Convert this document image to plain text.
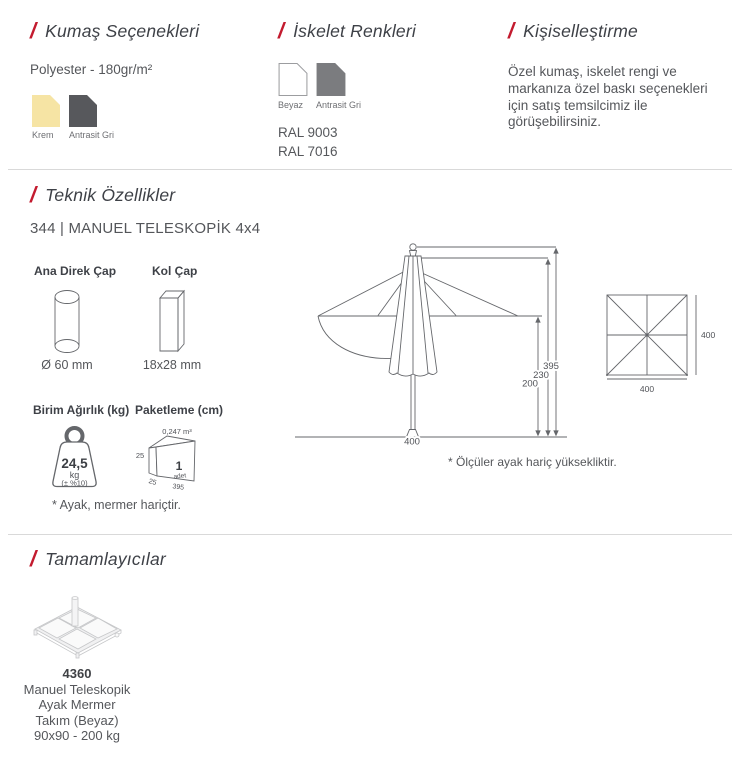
/ Kumaş Seçenekleri
Polyester - 180gr/m²
Krem Antrasit Gri
/ İskelet Renkleri
Beyaz Antrasit Gri
RAL 9003
RAL 7016
/ Kişiselleştirme
Özel kumaş, iskelet rengi ve markanıza özel baskı seçenekleri için satış temsilcimiz ile görüşebilirsiniz.
/ Teknik Özellikler
344 | MANUEL TELESKOPİK 4x4
Ana Direk Çap	Kol Çap
Ø 60 mm	18x28 mm
Birim Ağırlık (kg) Paketleme (cm)
24,5
kg
(± %10)
0,247 m³
25
1
adet
25
395
* Ayak, mermer hariçtir.
395
230
200
400
400
400
* Ölçüler ayak hariç yüksekliktir.
/ Tamamlayıcılar
4360
Manuel Teleskopik
Ayak Mermer
Takım (Beyaz)
90x90 - 200 kg
